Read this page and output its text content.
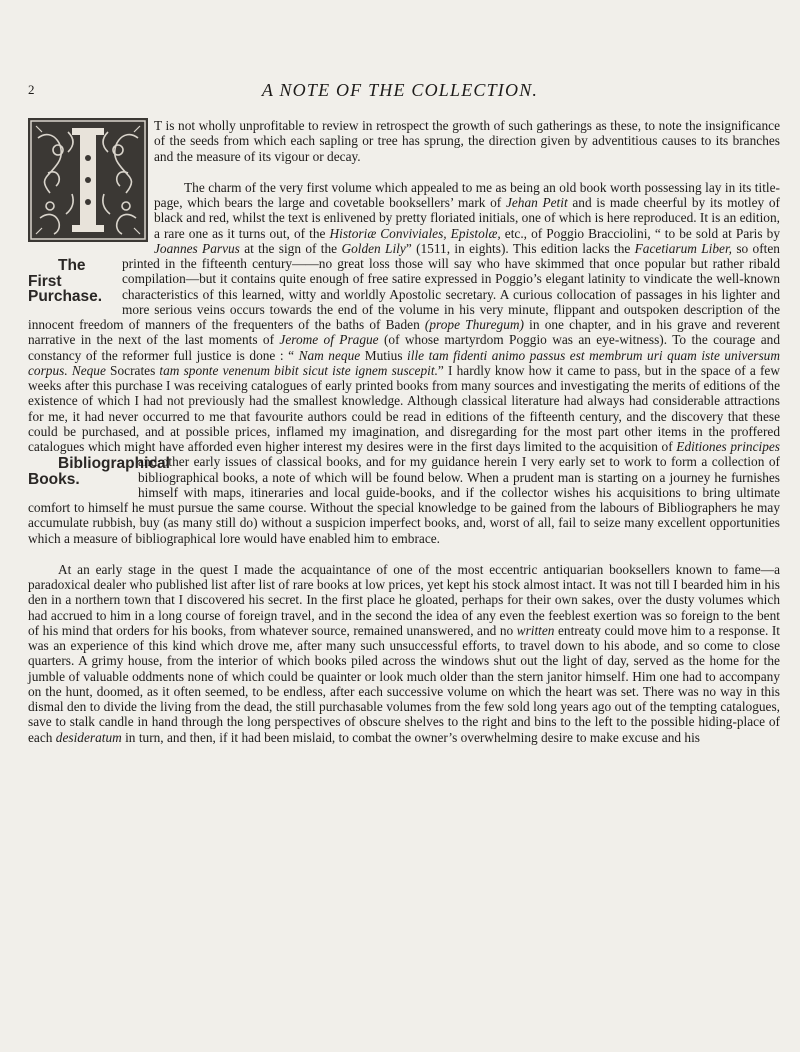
2	A NOTE OF THE COLLECTION.

T is not wholly unprofitable to review in retrospect the growth of such gatherings as these, to note the insignificance of the seeds from which each sapling or tree has sprung, the direction given by adventitious causes to its branches and the measure of its vigour or decay.

The charm of the very first volume which appealed to me as being an old book worth possessing lay in its title-page, which bears the large and covetable booksellers’ mark of Jehan Petit and is made cheerful by its motley of black and red, whilst the text is enlivened by pretty floriated initials, one of which is here reproduced. It is an edition, a rare one as it turns out, of the Historiæ Conviviales, Epistolæ, etc., of Poggio Bracciolini, “ to be sold at Paris by Joannes Parvus at the sign of the Golden Lily” (1511, in eights). This edition lacks the Facetiarum Liber,
The First Purchase.
so often printed in the fifteenth century——no great loss those will say who have skimmed that once popular but rather ribald compilation—but it contains quite enough of free satire expressed in Poggio’s elegant latinity to vindicate the well-known characteristics of this learned, witty and worldly Apostolic secretary. A curious collocation of passages in his lighter and more serious veins occurs towards the end of the volume in his very minute, flippant and outspoken description of the innocent freedom of manners of the frequenters of the baths of Baden (prope Thuregum) in one chapter, and in his grave and reverent narrative in the next of the last moments of Jerome of Prague (of whose martyrdom Poggio was an eye-witness). To the courage and constancy of the reformer full justice is done : “ Nam neque Mutius ille tam fidenti animo passus est membrum uri quam iste universum corpus. Neque Socrates tam sponte venenum bibit sicut iste ignem suscepit.” I hardly know how it came to pass, but in the space of a few weeks after this purchase I was receiving catalogues of early printed books from many sources and investigating the merits of editions of the existence of which I had not previously had the smallest knowledge. Although classical literature had always had considerable attractions for me, it had never occurred to me that favourite authors could be read in editions of the fifteenth century, and the discovery that these could be purchased, and at possible prices, inflamed my imagination, and disregarding for the most part other items in the proffered catalogues which might have afforded even higher interest my desires were in the first days limited to the acquisition of Editiones principes
Bibliographical Books.
and other early issues of classical books, and for my guidance herein I very early set to work to form a collection of bibliographical books, a note of which will be found below. When a prudent man is starting on a journey he furnishes himself with maps, itineraries and local guide-books, and if the collector wishes his acquisitions to bring ultimate comfort to himself he must pursue the same course. Without the special knowledge to be gained from the labours of Bibliographers he may accumulate rubbish, buy (as many still do) without a suspicion imperfect books, and, worst of all, fail to seize many excellent opportunities which a measure of bibliographical lore would have enabled him to embrace.

At an early stage in the quest I made the acquaintance of one of the most eccentric antiquarian booksellers known to fame—a paradoxical dealer who published list after list of rare books at low prices, yet kept his stock almost intact. It was not till I bearded him in his den in a northern town that I discovered his secret. In the first place he gloated, perhaps for their own sakes, over the dusty volumes which had accrued to him in a long course of foreign travel, and in the second the idea of any even the feeblest exertion was so foreign to the bent of his mind that orders for his books, from whatever source, remained unanswered, and no written entreaty could move him to a response. It was an experience of this kind which drove me, after many such unsuccessful efforts, to travel down to his abode, and so come to close quarters. A grimy house, from the interior of which books piled across the windows shut out the light of day, served as the home for the jumble of valuable oddments none of which could be quainter or look much older than the stern janitor himself. Him one had to accompany on the hunt, doomed, as it often seemed, to be endless, after each successive volume on which the heart was set. There was no way in this dismal den to divide the living from the dead, the still purchasable volumes from the few sold long years ago out of the tempting catalogues, save to stalk candle in hand through the long perspectives of obscure shelves to the right and bins to the left to the possible hiding-place of each desideratum in turn, and then, if it had been mislaid, to combat the owner’s overwhelming desire to make excuse and his
